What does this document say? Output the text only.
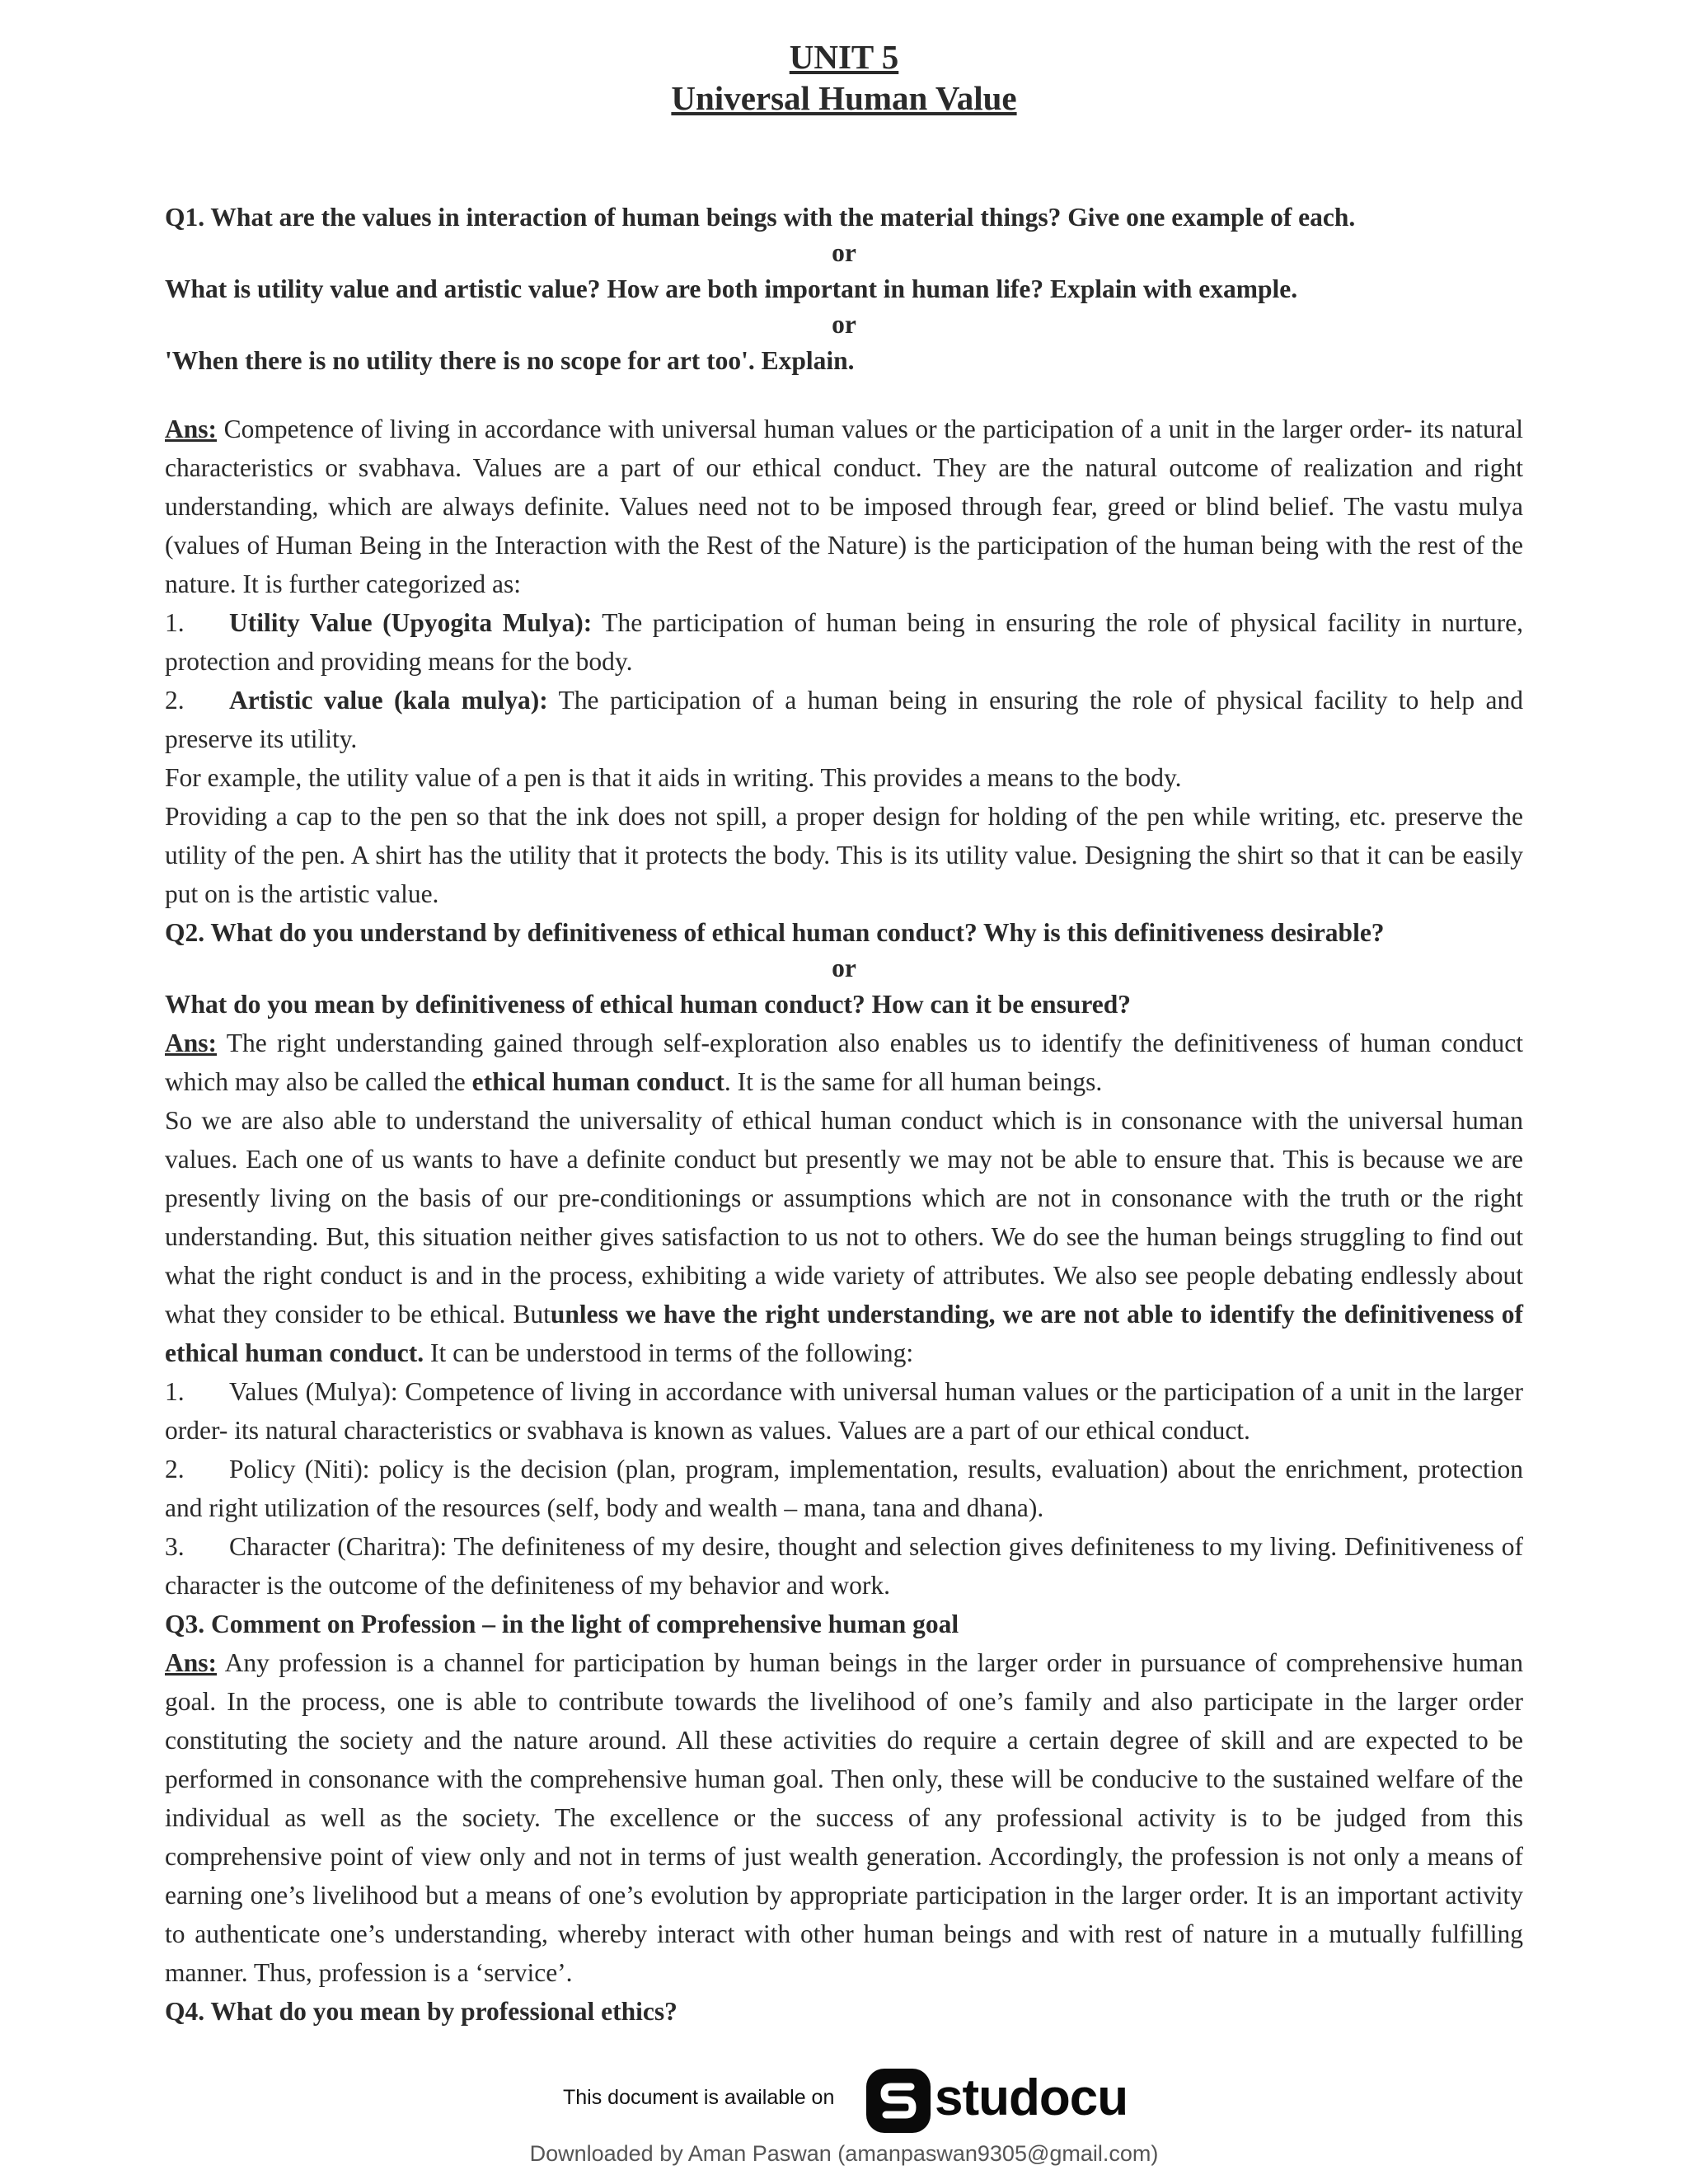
UNIT 5
Universal Human Value

Q1. What are the values in interaction of human beings with the material things? Give one example of each.

or

What is utility value and artistic value? How are both important in human life? Explain with example.

or

'When there is no utility there is no scope for art too'. Explain.

Ans: Competence of living in accordance with universal human values or the participation of a unit in the larger order- its natural characteristics or svabhava. Values are a part of our ethical conduct. They are the natural outcome of realization and right understanding, which are always definite. Values need not to be imposed through fear, greed or blind belief. The vastu mulya (values of Human Being in the Interaction with the Rest of the Nature) is the participation of the human being with the rest of the nature. It is further categorized as:

1. Utility Value (Upyogita Mulya): The participation of human being in ensuring the role of physical facility in nurture, protection and providing means for the body.

2. Artistic value (kala mulya): The participation of a human being in ensuring the role of physical facility to help and preserve its utility.

For example, the utility value of a pen is that it aids in writing. This provides a means to the body.

Providing a cap to the pen so that the ink does not spill, a proper design for holding of the pen while writing, etc. preserve the utility of the pen. A shirt has the utility that it protects the body. This is its utility value. Designing the shirt so that it can be easily put on is the artistic value.

Q2. What do you understand by definitiveness of ethical human conduct? Why is this definitiveness desirable?

or

What do you mean by definitiveness of ethical human conduct? How can it be ensured?

Ans: The right understanding gained through self-exploration also enables us to identify the definitiveness of human conduct which may also be called the ethical human conduct. It is the same for all human beings.

So we are also able to understand the universality of ethical human conduct which is in consonance with the universal human values. Each one of us wants to have a definite conduct but presently we may not be able to ensure that. This is because we are presently living on the basis of our pre-conditionings or assumptions which are not in consonance with the truth or the right understanding. But, this situation neither gives satisfaction to us not to others. We do see the human beings struggling to find out what the right conduct is and in the process, exhibiting a wide variety of attributes. We also see people debating endlessly about what they consider to be ethical. Butunless we have the right understanding, we are not able to identify the definitiveness of ethical human conduct. It can be understood in terms of the following:

1. Values (Mulya): Competence of living in accordance with universal human values or the participation of a unit in the larger order- its natural characteristics or svabhava is known as values. Values are a part of our ethical conduct.

2. Policy (Niti): policy is the decision (plan, program, implementation, results, evaluation) about the enrichment, protection and right utilization of the resources (self, body and wealth – mana, tana and dhana).

3. Character (Charitra): The definiteness of my desire, thought and selection gives definiteness to my living. Definitiveness of character is the outcome of the definiteness of my behavior and work.

Q3. Comment on Profession – in the light of comprehensive human goal

Ans: Any profession is a channel for participation by human beings in the larger order in pursuance of comprehensive human goal. In the process, one is able to contribute towards the livelihood of one’s family and also participate in the larger order constituting the society and the nature around. All these activities do require a certain degree of skill and are expected to be performed in consonance with the comprehensive human goal. Then only, these will be conducive to the sustained welfare of the individual as well as the society. The excellence or the success of any professional activity is to be judged from this comprehensive point of view only and not in terms of just wealth generation. Accordingly, the profession is not only a means of earning one’s livelihood but a means of one’s evolution by appropriate participation in the larger order. It is an important activity to authenticate one’s understanding, whereby interact with other human beings and with rest of nature in a mutually fulfilling manner. Thus, profession is a ‘service’.

Q4. What do you mean by professional ethics?

This document is available on studocu
Downloaded by Aman Paswan (amanpaswan9305@gmail.com)
